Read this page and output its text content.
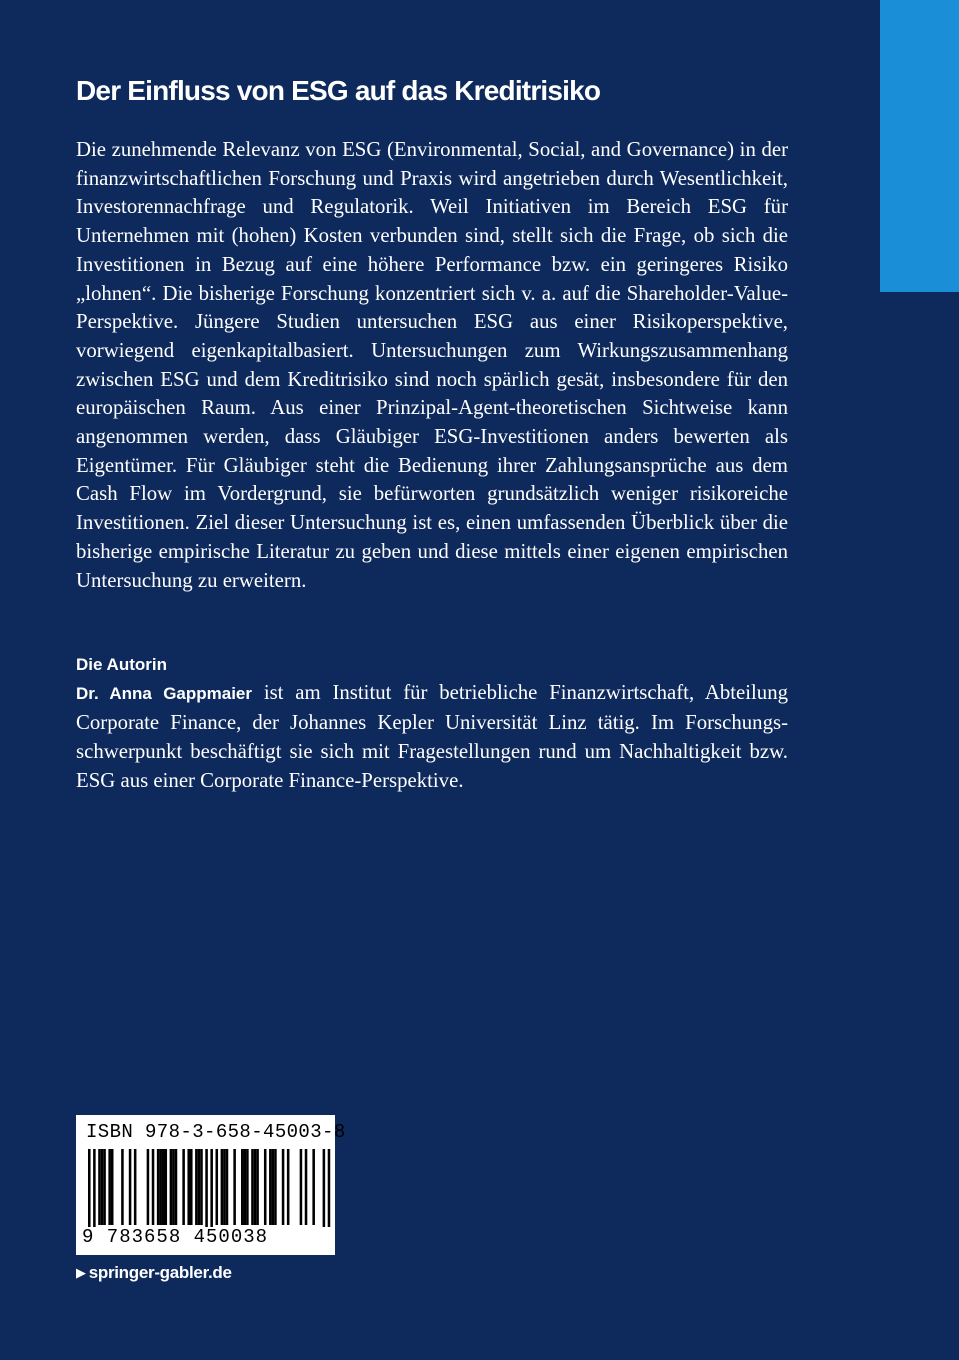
Der Einfluss von ESG auf das Kreditrisiko

Die zunehmende Relevanz von ESG (Environmental, Social, and Governance) in der finanzwirtschaftlichen Forschung und Praxis wird angetrieben durch Wesentlichkeit, Investorennachfrage und Regulatorik. Weil Initiativen im Bereich ESG für Unternehmen mit (hohen) Kosten verbunden sind, stellt sich die Frage, ob sich die Investitionen in Bezug auf eine höhere Performance bzw. ein geringeres Risiko „lohnen“. Die bisherige Forschung konzentriert sich v. a. auf die Shareholder-Value-Perspektive. Jüngere Studien untersuchen ESG aus einer Risikoperspektive, vorwiegend eigenkapitalbasiert. Untersuchungen zum Wirkungszusammenhang zwischen ESG und dem Kreditrisiko sind noch spärlich gesät, insbesondere für den europäischen Raum. Aus einer Prinzipal-Agent-theoretischen Sichtweise kann angenommen werden, dass Gläubiger ESG-Investitionen anders bewerten als Eigentümer. Für Gläubiger steht die Bedienung ihrer Zahlungsansprüche aus dem Cash Flow im Vordergrund, sie befürworten grundsätzlich weniger risikoreiche Investitionen. Ziel dieser Untersuchung ist es, einen umfassenden Überblick über die bisherige empirische Literatur zu geben und diese mittels einer eigenen empirischen Untersuchung zu erweitern.

Die Autorin

Dr. Anna Gappmaier ist am Institut für betriebliche Finanzwirtschaft, Abteilung Corporate Finance, der Johannes Kepler Universität Linz tätig. Im Forschungsschwerpunkt beschäftigt sie sich mit Fragestellungen rund um Nachhaltigkeit bzw. ESG aus einer Corporate Finance-Perspektive.

ISBN 978-3-658-45003-8
9 783658 450038
▶ springer-gabler.de
